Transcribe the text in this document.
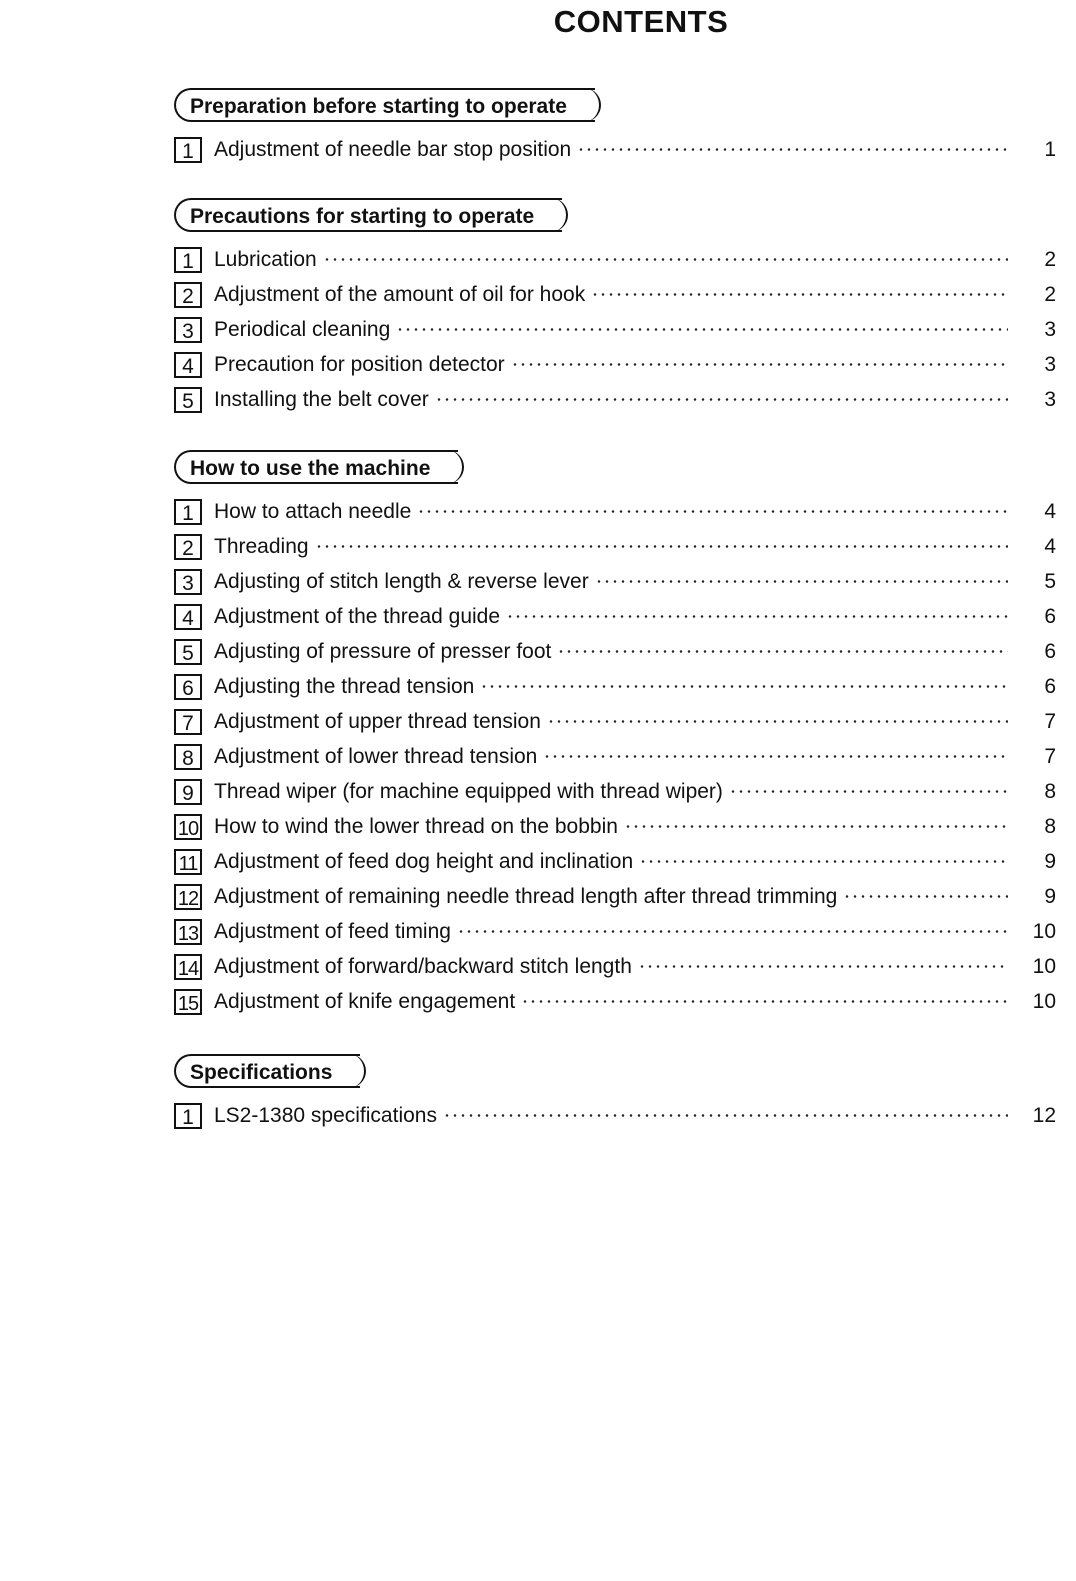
CONTENTS
Preparation before starting to operate
1 Adjustment of needle bar stop position	1
Precautions for starting to operate
1 Lubrication	2
2 Adjustment of the amount of oil for hook	2
3 Periodical cleaning	3
4 Precaution for position detector	3
5 Installing the belt cover	3
How to use the machine
1 How to attach needle	4
2 Threading	4
3 Adjusting of stitch length & reverse lever	5
4 Adjustment of the thread guide	6
5 Adjusting of pressure of presser foot	6
6 Adjusting the thread tension	6
7 Adjustment of upper thread tension	7
8 Adjustment of lower thread tension	7
9 Thread wiper (for machine equipped with thread wiper)	8
10 How to wind the lower thread on the bobbin	8
11 Adjustment of feed dog height and inclination	9
12 Adjustment of remaining needle thread length after thread trimming	9
13 Adjustment of feed timing	10
14 Adjustment of forward/backward stitch length	10
15 Adjustment of knife engagement	10
Specifications
1 LS2-1380 specifications	12
